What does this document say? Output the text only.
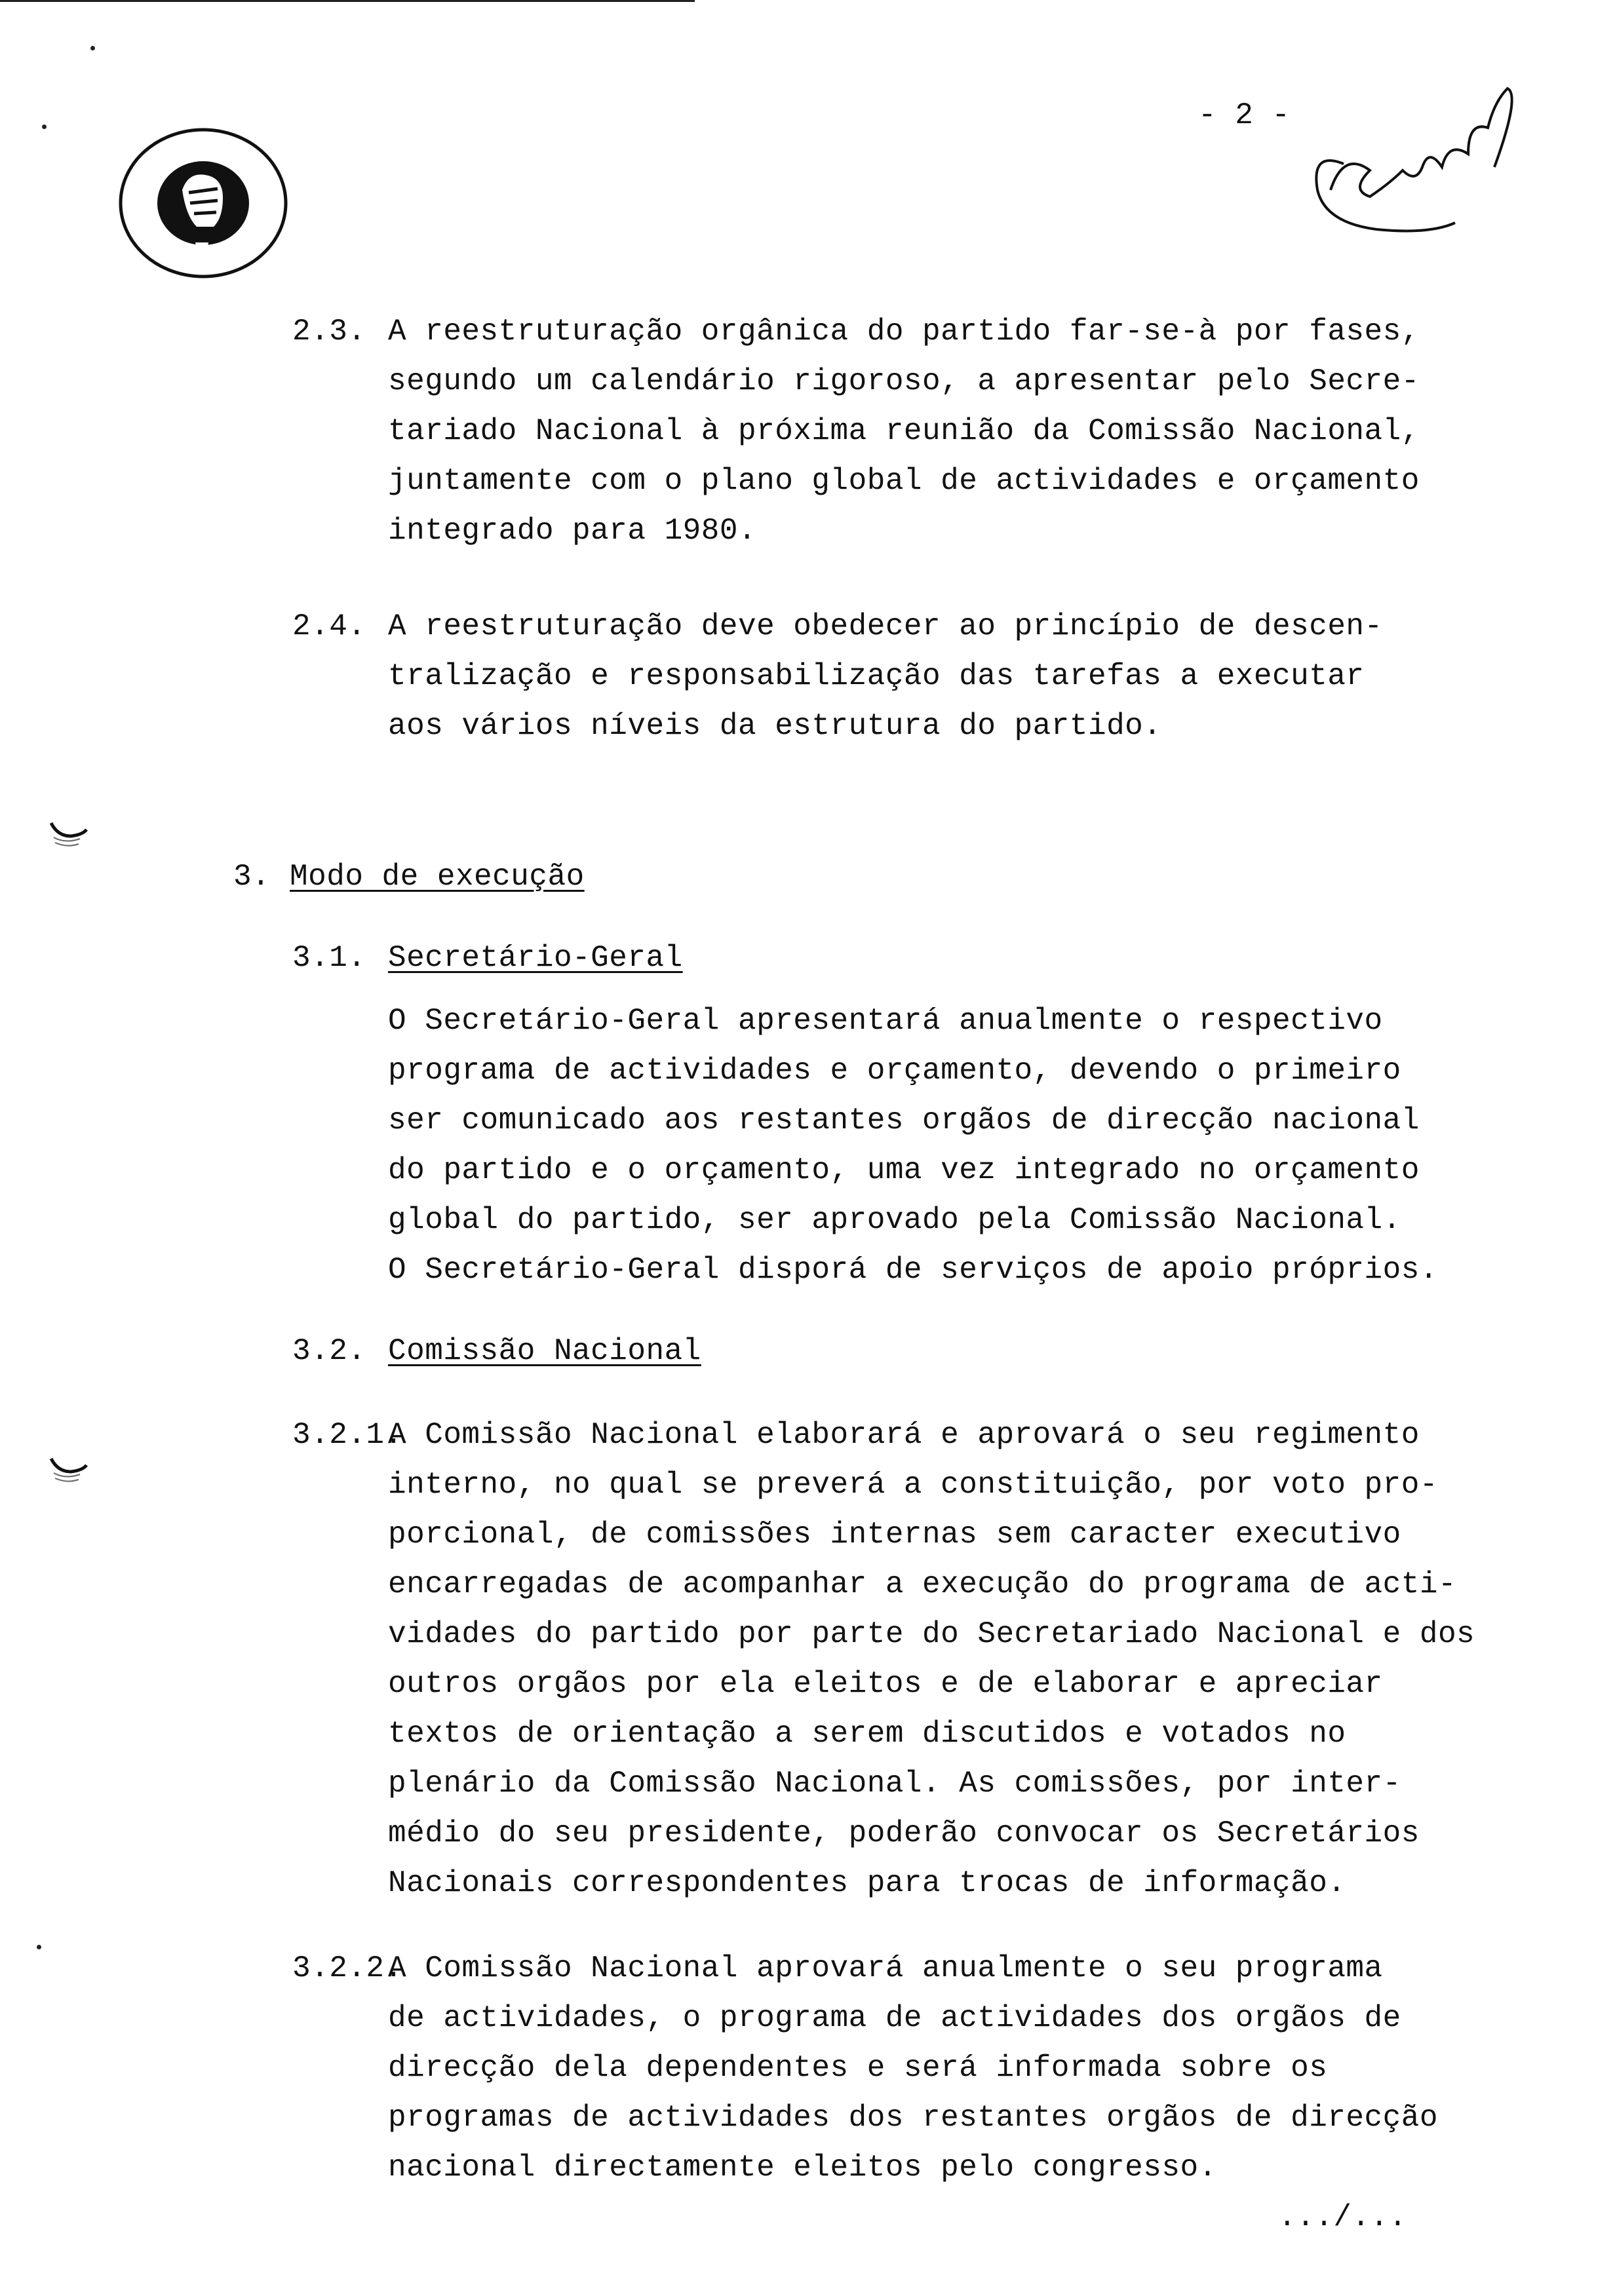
- 2 -
2.3. A reestruturação orgânica do partido far-se-à por fases,
segundo um calendário rigoroso, a apresentar pelo Secre-
tariado Nacional à próxima reunião da Comissão Nacional,
juntamente com o plano global de actividades e orçamento
integrado para 1980.
2.4. A reestruturação deve obedecer ao princípio de descen-
tralização e responsabilização das tarefas a executar
aos vários níveis da estrutura do partido.
3. Modo de execução
3.1. Secretário-Geral
O Secretário-Geral apresentará anualmente o respectivo
programa de actividades e orçamento, devendo o primeiro
ser comunicado aos restantes orgãos de direcção nacional
do partido e o orçamento, uma vez integrado no orçamento
global do partido, ser aprovado pela Comissão Nacional.
O Secretário-Geral disporá de serviços de apoio próprios.
3.2. Comissão Nacional
3.2.1.
A Comissão Nacional elaborará e aprovará o seu regimento
interno, no qual se preverá a constituição, por voto pro-
porcional, de comissões internas sem caracter executivo
encarregadas de acompanhar a execução do programa de acti-
vidades do partido por parte do Secretariado Nacional e dos
outros orgãos por ela eleitos e de elaborar e apreciar
textos de orientação a serem discutidos e votados no
plenário da Comissão Nacional. As comissões, por inter-
médio do seu presidente, poderão convocar os Secretários
Nacionais correspondentes para trocas de informação.
3.2.2.
A Comissão Nacional aprovará anualmente o seu programa
de actividades, o programa de actividades dos orgãos de
direcção dela dependentes e será informada sobre os
programas de actividades dos restantes orgãos de direcção
nacional directamente eleitos pelo congresso.
.../...
